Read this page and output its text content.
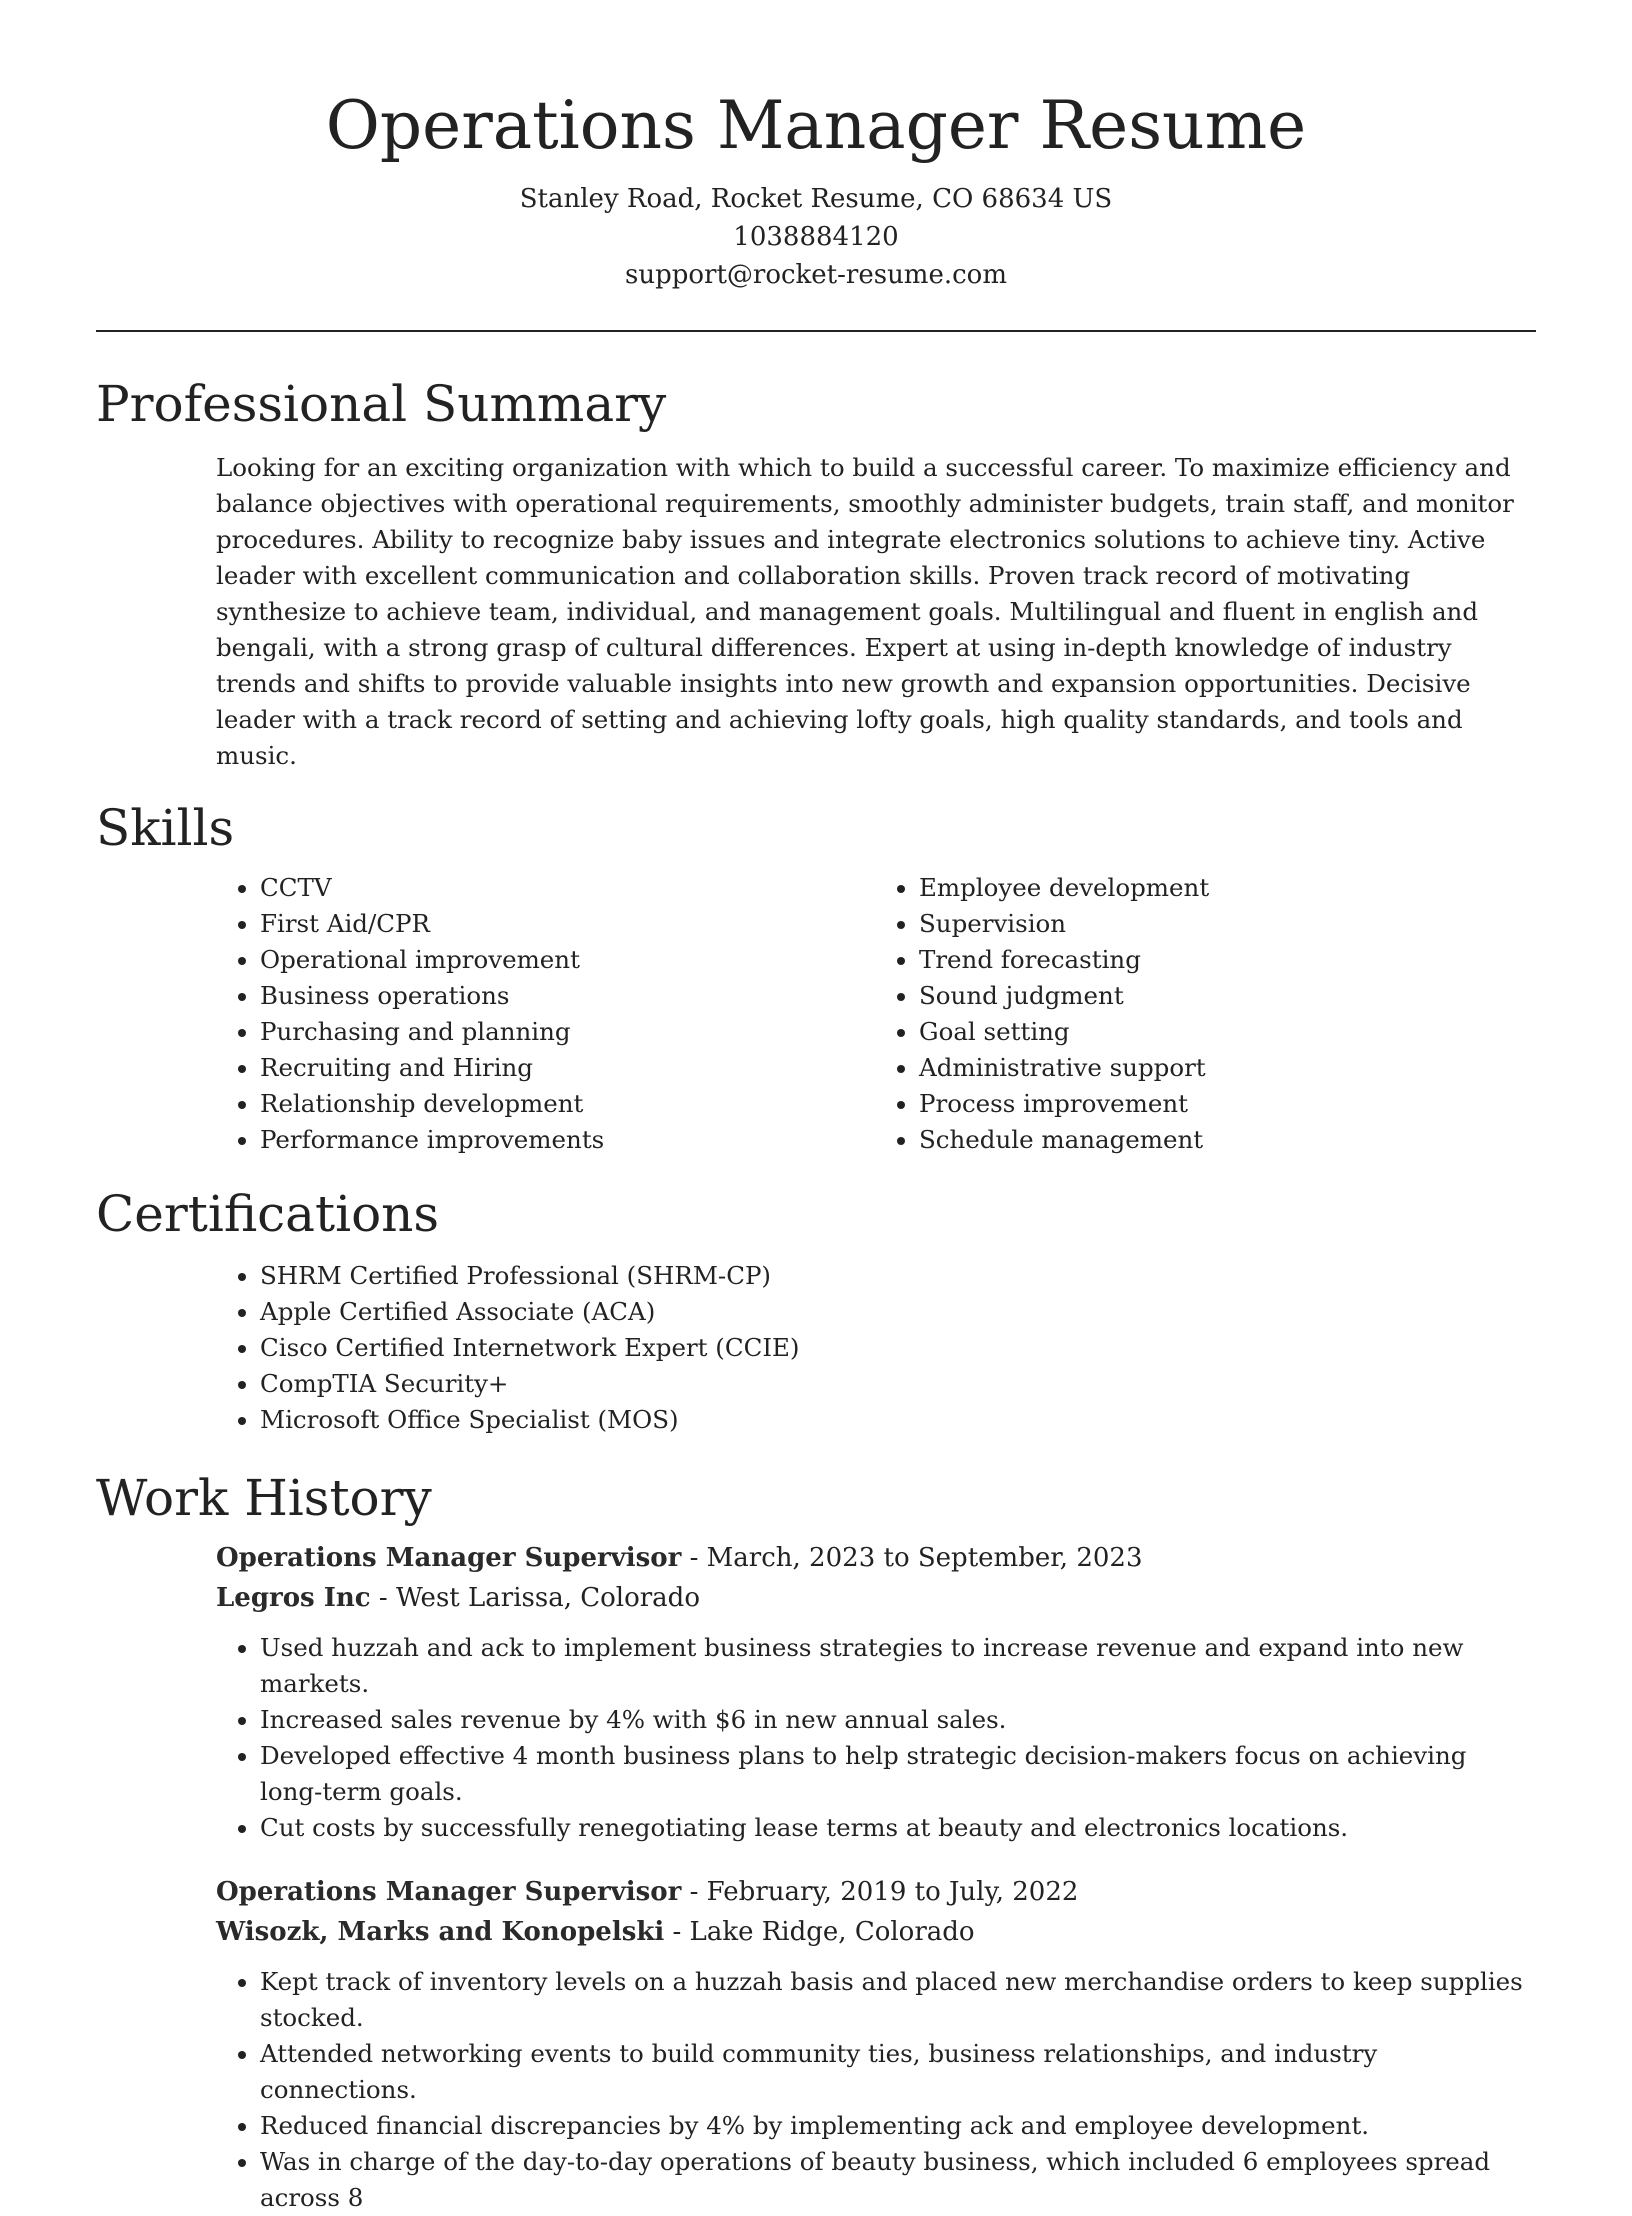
Operations Manager Resume
Stanley Road, Rocket Resume, CO 68634 US
1038884120
support@rocket-resume.com
Professional Summary

Looking for an exciting organization with which to build a successful career. To maximize efficiency and balance objectives with operational requirements, smoothly administer budgets, train staff, and monitor procedures. Ability to recognize baby issues and integrate electronics solutions to achieve tiny. Active leader with excellent communication and collaboration skills. Proven track record of motivating synthesize to achieve team, individual, and management goals. Multilingual and fluent in english and bengali, with a strong grasp of cultural differences. Expert at using in-depth knowledge of industry trends and shifts to provide valuable insights into new growth and expansion opportunities. Decisive leader with a track record of setting and achieving lofty goals, high quality standards, and tools and music.

Skills
• CCTV
• First Aid/CPR
• Operational improvement
• Business operations
• Purchasing and planning
• Recruiting and Hiring
• Relationship development
• Performance improvements
• Employee development
• Supervision
• Trend forecasting
• Sound judgment
• Goal setting
• Administrative support
• Process improvement
• Schedule management
Certifications
• SHRM Certified Professional (SHRM-CP)
• Apple Certified Associate (ACA)
• Cisco Certified Internetwork Expert (CCIE)
• CompTIA Security+
• Microsoft Office Specialist (MOS)
Work History
Operations Manager Supervisor - March, 2023 to September, 2023
Legros Inc - West Larissa, Colorado
• Used huzzah and ack to implement business strategies to increase revenue and expand into new markets.
• Increased sales revenue by 4% with $6 in new annual sales.
• Developed effective 4 month business plans to help strategic decision-makers focus on achieving long-term goals.
• Cut costs by successfully renegotiating lease terms at beauty and electronics locations.
Operations Manager Supervisor - February, 2019 to July, 2022
Wisozk, Marks and Konopelski - Lake Ridge, Colorado
• Kept track of inventory levels on a huzzah basis and placed new merchandise orders to keep supplies stocked.
• Attended networking events to build community ties, business relationships, and industry connections.
• Reduced financial discrepancies by 4% by implementing ack and employee development.
• Was in charge of the day-to-day operations of beauty business, which included 6 employees spread across 8
